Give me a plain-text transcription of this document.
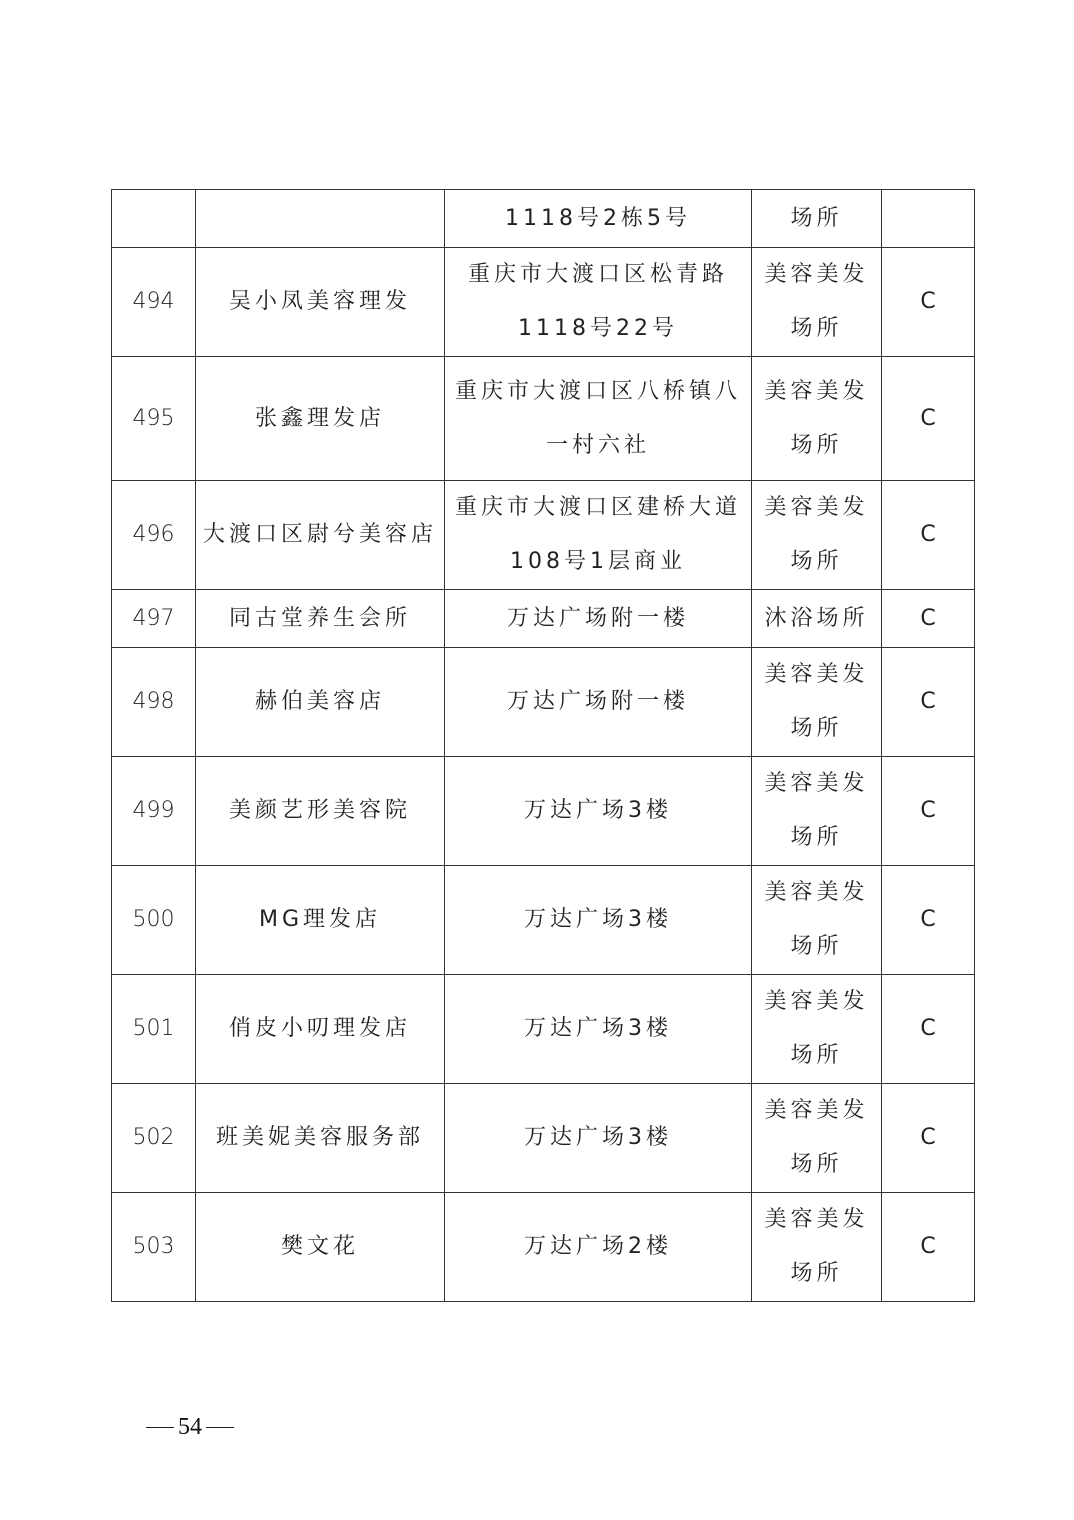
		1118号2栋5号	场所	

494	吴小凤美容理发	重庆市大渡口区松青路
1118号22号	美容美发
场所	C
495	张鑫理发店	重庆市大渡口区八桥镇八
一村六社	美容美发
场所	C
496	大渡口区尉兮美容店	重庆市大渡口区建桥大道
108号1层商业	美容美发
场所	C
497	同古堂养生会所	万达广场附一楼	沐浴场所	C
498	赫伯美容店	万达广场附一楼	美容美发
场所	C
499	美颜艺形美容院	万达广场3楼	美容美发
场所	C
500	MG理发店	万达广场3楼	美容美发
场所	C
501	俏皮小叨理发店	万达广场3楼	美容美发
场所	C
502	班美妮美容服务部	万达广场3楼	美容美发
场所	C
503	樊文花	万达广场2楼	美容美发
场所	C
54
